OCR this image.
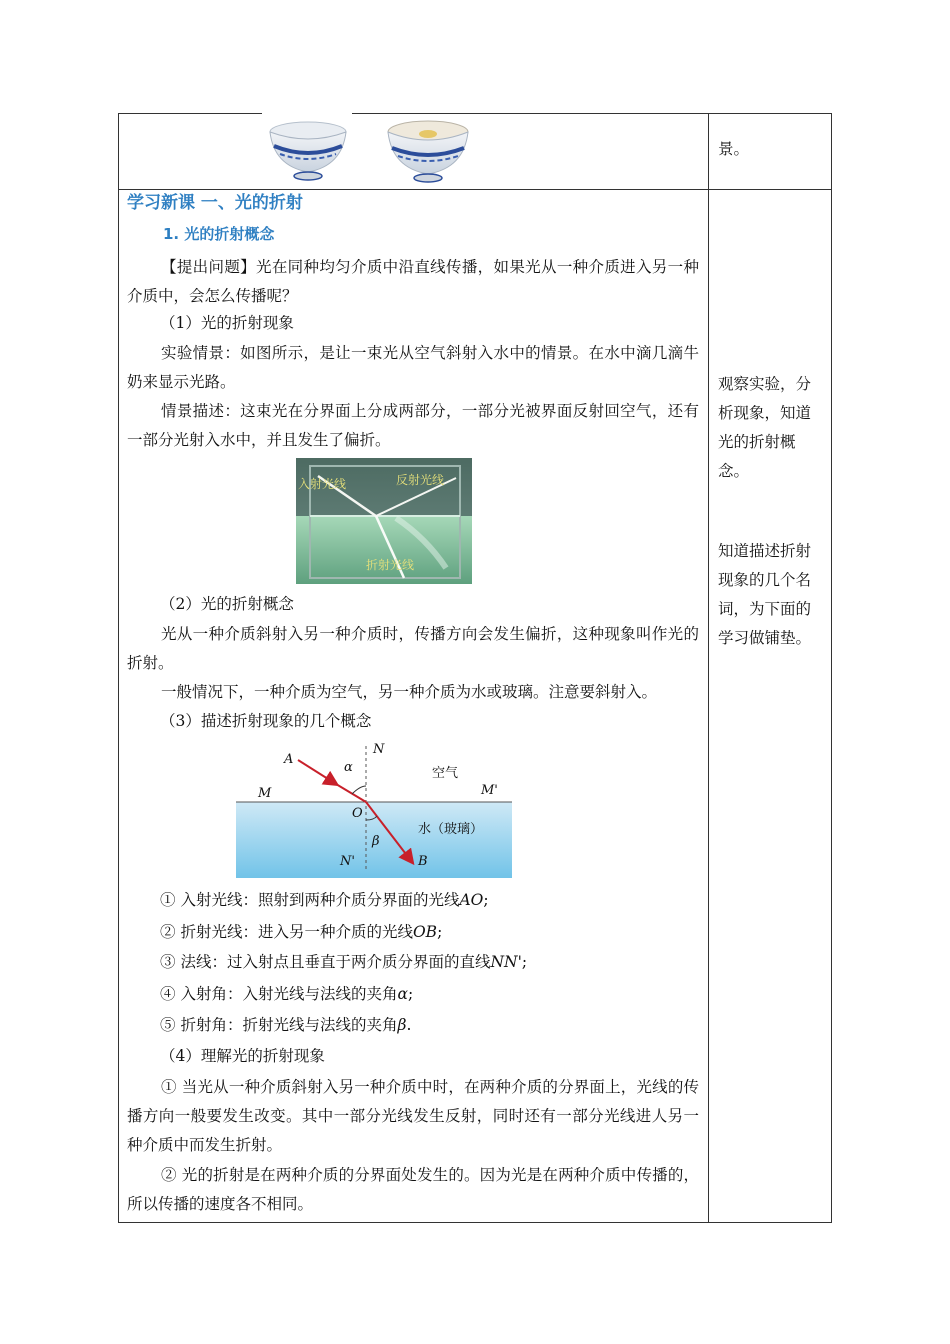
景。
学习新课 一、光的折射
1. 光的折射概念
【提出问题】光在同种均匀介质中沿直线传播，如果光从一种介质进入另一种介质中，会怎么传播呢？
（1）光的折射现象
实验情景：如图所示，是让一束光从空气斜射入水中的情景。在水中滴几滴牛奶来显示光路。
情景描述：这束光在分界面上分成两部分，一部分光被界面反射回空气，还有一部分光射入水中，并且发生了偏折。
入射光线	反射光线
折射光线
（2）光的折射概念
光从一种介质斜射入另一种介质时，传播方向会发生偏折，这种现象叫作光的折射。
一般情况下，一种介质为空气，另一种介质为水或玻璃。注意要斜射入。
（3）描述折射现象的几个概念
A
N
α	空气
M	M'
O
水（玻璃）
β
N'	B
① 入射光线：照射到两种介质分界面的光线AO;
② 折射光线：进入另一种介质的光线OB;
③ 法线：过入射点且垂直于两介质分界面的直线NN';
④ 入射角：入射光线与法线的夹角α;
⑤ 折射角：折射光线与法线的夹角β.
（4）理解光的折射现象
① 当光从一种介质斜射入另一种介质中时，在两种介质的分界面上，光线的传播方向一般要发生改变。其中一部分光线发生反射，同时还有一部分光线进人另一种介质中而发生折射。
② 光的折射是在两种介质的分界面处发生的。因为光是在两种介质中传播的，所以传播的速度各不相同。
观察实验，分析现象，知道光的折射概念。
知道描述折射现象的几个名词，为下面的学习做铺垫。
